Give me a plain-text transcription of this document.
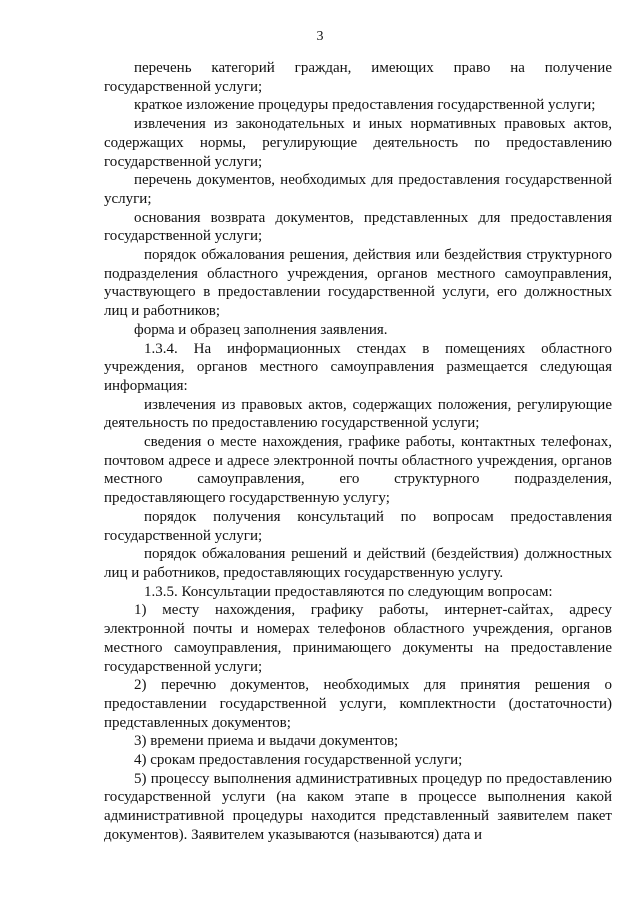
3

перечень категорий граждан, имеющих право на получение государственной услуги;

краткое изложение процедуры предоставления государственной услуги;

извлечения из законодательных и иных нормативных правовых актов, содержащих нормы, регулирующие деятельность по предоставлению государственной услуги;

перечень документов, необходимых для предоставления государственной услуги;

основания возврата документов, представленных для предоставления государственной услуги;

порядок обжалования решения, действия или бездействия структурного подразделения областного учреждения, органов местного самоуправления, участвующего в предоставлении государственной услуги, его должностных лиц и работников;

форма и образец заполнения заявления.

1.3.4. На информационных стендах в помещениях областного учреждения, органов местного самоуправления размещается следующая информация:

извлечения из правовых актов, содержащих положения, регулирующие деятельность по предоставлению государственной услуги;

сведения о месте нахождения, графике работы, контактных телефонах, почтовом адресе и адресе электронной почты областного учреждения, органов местного самоуправления, его структурного подразделения, предоставляющего государственную услугу;

порядок получения консультаций по вопросам предоставления государственной услуги;

порядок обжалования решений и действий (бездействия) должностных лиц и работников, предоставляющих государственную услугу.

1.3.5. Консультации предоставляются по следующим вопросам:

1) месту нахождения, графику работы, интернет-сайтах, адресу электронной почты и номерах телефонов областного учреждения, органов местного самоуправления, принимающего документы на предоставление государственной услуги;

2) перечню документов, необходимых для принятия решения о предоставлении государственной услуги, комплектности (достаточности) представленных документов;

3) времени приема и выдачи документов;

4) срокам предоставления государственной услуги;

5) процессу выполнения административных процедур по предоставлению государственной услуги (на каком этапе в процессе выполнения какой административной процедуры находится представленный заявителем пакет документов). Заявителем указываются (называются) дата и
